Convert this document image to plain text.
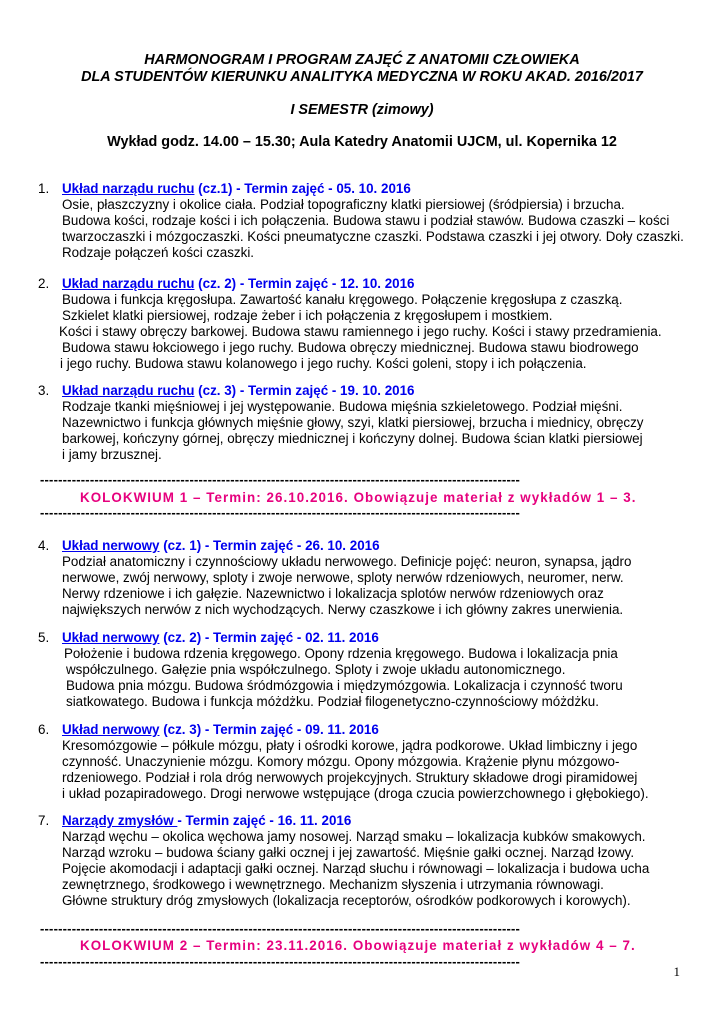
HARMONOGRAM I PROGRAM ZAJĘĆ Z ANATOMII CZŁOWIEKA
DLA STUDENTÓW KIERUNKU ANALITYKA MEDYCZNA W ROKU AKAD. 2016/2017
I SEMESTR (zimowy)
Wykład godz. 14.00 – 15.30; Aula Katedry Anatomii UJCM, ul. Kopernika 12
1. Układ narządu ruchu (cz.1) - Termin zajęć - 05. 10. 2016
Osie, płaszczyzny i okolice ciała. Podział topograficzny klatki piersiowej (śródpiersia) i brzucha.
Budowa kości, rodzaje kości i ich połączenia. Budowa stawu i podział stawów. Budowa czaszki – kości
twarzoczaszki i mózgoczaszki. Kości pneumatyczne czaszki. Podstawa czaszki i jej otwory. Doły czaszki.
Rodzaje połączeń kości czaszki.
2. Układ narządu ruchu (cz. 2) - Termin zajęć - 12. 10. 2016
Budowa i funkcja kręgosłupa. Zawartość kanału kręgowego. Połączenie kręgosłupa z czaszką.
Szkielet klatki piersiowej, rodzaje żeber i ich połączenia z kręgosłupem i mostkiem.
Kości i stawy obręczy barkowej. Budowa stawu ramiennego i jego ruchy. Kości i stawy przedramienia.
Budowa stawu łokciowego i jego ruchy. Budowa obręczy miednicznej. Budowa stawu biodrowego
i jego ruchy. Budowa stawu kolanowego i jego ruchy. Kości goleni, stopy i ich połączenia.
3. Układ narządu ruchu (cz. 3) - Termin zajęć - 19. 10. 2016
Rodzaje tkanki mięśniowej i jej występowanie. Budowa mięśnia szkieletowego. Podział mięśni.
Nazewnictwo i funkcja głównych mięśnie głowy, szyi, klatki piersiowej, brzucha i miednicy, obręczy
barkowej, kończyny górnej, obręczy miednicznej i kończyny dolnej. Budowa ścian klatki piersiowej
i jamy brzusznej.
----------------------------------------------------------------------------------------------------------
KOLOKWIUM 1 – Termin: 26.10.2016. Obowiązuje materiał z wykładów 1 – 3.
----------------------------------------------------------------------------------------------------------
4. Układ nerwowy (cz. 1) - Termin zajęć - 26. 10. 2016
Podział anatomiczny i czynnościowy układu nerwowego. Definicje pojęć: neuron, synapsa, jądro
nerwowe, zwój nerwowy, sploty i zwoje nerwowe, sploty nerwów rdzeniowych, neuromer, nerw.
Nerwy rdzeniowe i ich gałęzie. Nazewnictwo i lokalizacja splotów nerwów rdzeniowych oraz
największych nerwów z nich wychodzących. Nerwy czaszkowe i ich główny zakres unerwienia.
5. Układ nerwowy (cz. 2) - Termin zajęć - 02. 11. 2016
Położenie i budowa rdzenia kręgowego. Opony rdzenia kręgowego. Budowa i lokalizacja pnia
współczulnego. Gałęzie pnia współczulnego. Sploty i zwoje układu autonomicznego.
Budowa pnia mózgu. Budowa śródmózgowia i międzymózgowia. Lokalizacja i czynność tworu
siatkowatego. Budowa i funkcja móżdżku. Podział filogenetyczno-czynnościowy móżdżku.
6. Układ nerwowy (cz. 3) - Termin zajęć - 09. 11. 2016
Kresomózgowie – półkule mózgu, płaty i ośrodki korowe, jądra podkorowe. Układ limbiczny i jego
czynność. Unaczynienie mózgu. Komory mózgu. Opony mózgowia. Krążenie płynu mózgowo-
rdzeniowego. Podział i rola dróg nerwowych projekcyjnych. Struktury składowe drogi piramidowej
i układ pozapiradowego. Drogi nerwowe wstępujące (droga czucia powierzchownego i głębokiego).
7. Narządy zmysłów - Termin zajęć - 16. 11. 2016
Narząd węchu – okolica węchowa jamy nosowej. Narząd smaku – lokalizacja kubków smakowych.
Narząd wzroku – budowa ściany gałki ocznej i jej zawartość. Mięśnie gałki ocznej. Narząd łzowy.
Pojęcie akomodacji i adaptacji gałki ocznej. Narząd słuchu i równowagi – lokalizacja i budowa ucha
zewnętrznego, środkowego i wewnętrznego. Mechanizm słyszenia i utrzymania równowagi.
Główne struktury dróg zmysłowych (lokalizacja receptorów, ośrodków podkorowych i korowych).
----------------------------------------------------------------------------------------------------------
KOLOKWIUM 2 – Termin: 23.11.2016. Obowiązuje materiał z wykładów 4 – 7.
----------------------------------------------------------------------------------------------------------
1
